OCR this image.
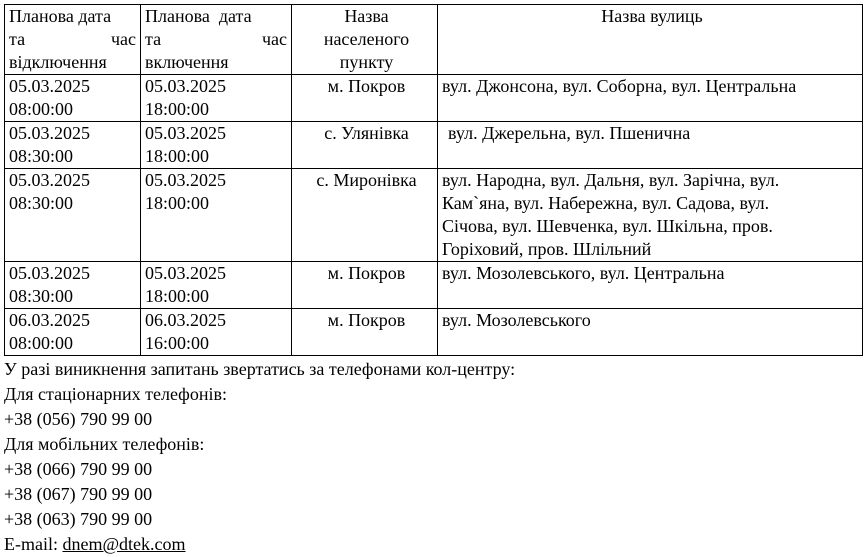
Планова дата
та час
відключення	Планова  дата
та час
включення	Назва
населеного
пункту	Назва вулиць

05.03.2025
08:00:00	05.03.2025
18:00:00	м. Покров	вул. Джонсона, вул. Соборна, вул. Центральна

05.03.2025
08:30:00	05.03.2025
18:00:00	с. Улянівка	вул. Джерельна, вул. Пшенична

05.03.2025
08:30:00	05.03.2025
18:00:00	с. Миронівка	вул. Народна, вул. Дальня, вул. Зарічна, вул.
Кам`яна, вул. Набережна, вул. Садова, вул.
Січова, вул. Шевченка, вул. Шкільна, пров.
Горіховий, пров. Шлільний

05.03.2025
08:30:00	05.03.2025
18:00:00	м. Покров	вул. Мозолевського, вул. Центральна

06.03.2025
08:00:00	06.03.2025
16:00:00	м. Покров	вул. Мозолевського
У разі виникнення запитань звертатись за телефонами кол-центру:
Для стаціонарних телефонів:
+38 (056) 790 99 00
Для мобільних телефонів:
+38 (066) 790 99 00
+38 (067) 790 99 00
+38 (063) 790 99 00
E-mail: dnem@dtek.com
